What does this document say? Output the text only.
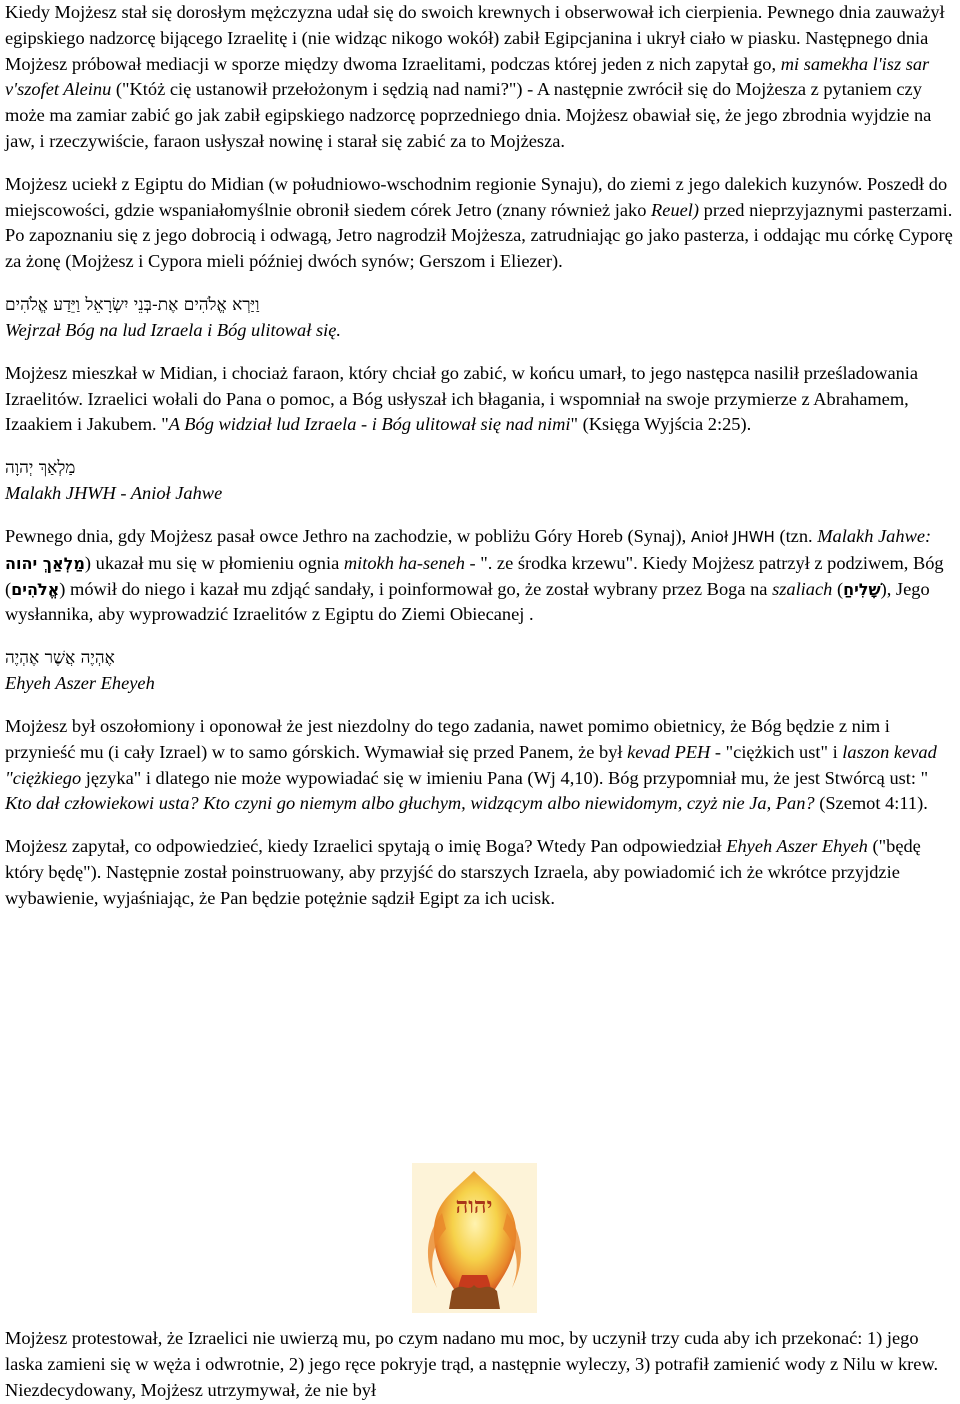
Kiedy Mojżesz stał się dorosłym mężczyzna udał się do swoich krewnych i obserwował ich cierpienia. Pewnego dnia zauważył egipskiego nadzorcę bijącego Izraelitę i (nie widząc nikogo wokół) zabił Egipcjanina i ukrył ciało w piasku. Następnego dnia Mojżesz próbował mediacji w sporze między dwoma Izraelitami, podczas której jeden z nich zapytał go, mi samekha l'isz sar v'szofet Aleinu ("Któż cię ustanowił przełożonym i sędzią nad nami?") - A następnie zwrócił się do Mojżesza z pytaniem czy może ma zamiar zabić go jak zabił egipskiego nadzorcę poprzedniego dnia. Mojżesz obawiał się, że jego zbrodnia wyjdzie na jaw, i rzeczywiście, faraon usłyszał nowinę i starał się zabić za to Mojżesza.

Mojżesz uciekł z Egiptu do Midian (w południowo-wschodnim regionie Synaju), do ziemi z jego dalekich kuzynów. Poszedł do miejscowości, gdzie wspaniałomyślnie obronił siedem córek Jetro (znany również jako Reuel) przed nieprzyjaznymi pasterzami. Po zapoznaniu się z jego dobrocią i odwagą, Jetro nagrodził Mojżesza, zatrudniając go jako pasterza, i oddając mu córkę Cyporę za żonę (Mojżesz i Cypora mieli później dwóch synów; Gerszom i Eliezer).

וַיַּרְא אֱלֹהִים אֶת-בְּנֵי יִשְׂרָאֵל וַיֵּדַע אֱלֹהִים

Wejrzał Bóg na lud Izraela i Bóg ulitował się.

Mojżesz mieszkał w Midian, i chociaż faraon, który chciał go zabić, w końcu umarł, to jego następca nasilił prześladowania Izraelitów. Izraelici wołali do Pana o pomoc, a Bóg usłyszał ich błagania, i wspomniał na swoje przymierze z Abrahamem, Izaakiem i Jakubem. "A Bóg widział lud Izraela - i Bóg ulitował się nad nimi" (Księga Wyjścia 2:25).

מַלְאַךְ יְהוָה

Malakh JHWH - Anioł Jahwe

Pewnego dnia, gdy Mojżesz pasał owce Jethro na zachodzie, w pobliżu Góry Horeb (Synaj), Anioł JHWH (tzn. Malakh Jahwe: מַלְאַךְ יהוה) ukazał mu się w płomieniu ognia mitokh ha-seneh - ". ze środka krzewu". Kiedy Mojżesz patrzył z podziwem, Bóg (אֱלֹהִים) mówił do niego i kazał mu zdjąć sandały, i poinformował go, że został wybrany przez Boga na szaliach (שָׁלִיחַ), Jego wysłannika, aby wyprowadzić Izraelitów z Egiptu do Ziemi Obiecanej .

אֶהְיֶה אֲשֶׁר אֶהְיֶה

Ehyeh Aszer Eheyeh

Mojżesz był oszołomiony i oponował że jest niezdolny do tego zadania, nawet pomimo obietnicy, że Bóg będzie z nim i przynieść mu (i cały Izrael) w to samo górskich. Wymawiał się przed Panem, że był kevad PEH - "ciężkich ust" i laszon kevad "ciężkiego języka" i dlatego nie może wypowiadać się w imieniu Pana (Wj 4,10). Bóg przypomniał mu, że jest Stwórcą ust: " Kto dał człowiekowi usta? Kto czyni go niemym albo głuchym, widzącym albo niewidomym, czyż nie Ja, Pan? (Szemot 4:11).

Mojżesz zapytał, co odpowiedzieć, kiedy Izraelici spytają o imię Boga? Wtedy Pan odpowiedział Ehyeh Aszer Ehyeh ("będę który będę"). Następnie został poinstruowany, aby przyjść do starszych Izraela, aby powiadomić ich że wkrótce przyjdzie wybawienie, wyjaśniając, że Pan będzie potężnie sądził Egipt za ich ucisk.

יהוה

Mojżesz protestował, że Izraelici nie uwierzą mu, po czym nadano mu moc, by uczynił trzy cuda aby ich przekonać: 1) jego laska zamieni się w węża i odwrotnie, 2) jego ręce pokryje trąd, a następnie wyleczy, 3) potrafił zamienić wody z Nilu w krew. Niezdecydowany, Mojżesz utrzymywał, że nie był
